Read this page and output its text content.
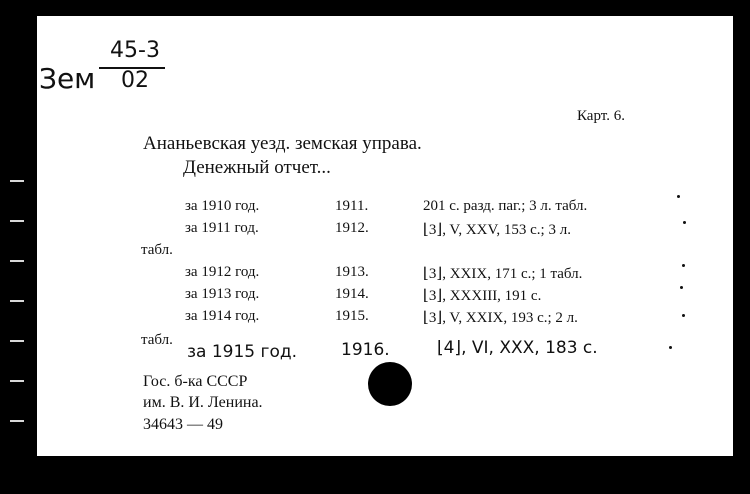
Зем
45-3
02
Карт. 6.
Ананьевская уезд. земская управа.
Денежный отчет...
за 1910 год.	1911.	201 с. разд. паг.; 3 л. табл.
за 1911 год.	1912.	⌊3⌋, V, XXV, 153 с.; 3 л.
табл.
за 1912 год.	1913.	⌊3⌋, XXIX, 171 с.; 1 табл.
за 1913 год.	1914.	⌊3⌋, XXXIII, 191 с.
за 1914 год.	1915.	⌊3⌋, V, XXIX, 193 с.; 2 л.
табл.
за 1915 год.	1916.	⌊4⌋, VI, XXX, 183 с.
Гос. б-ка СССР
им. В. И. Ленина.
34643 — 49
